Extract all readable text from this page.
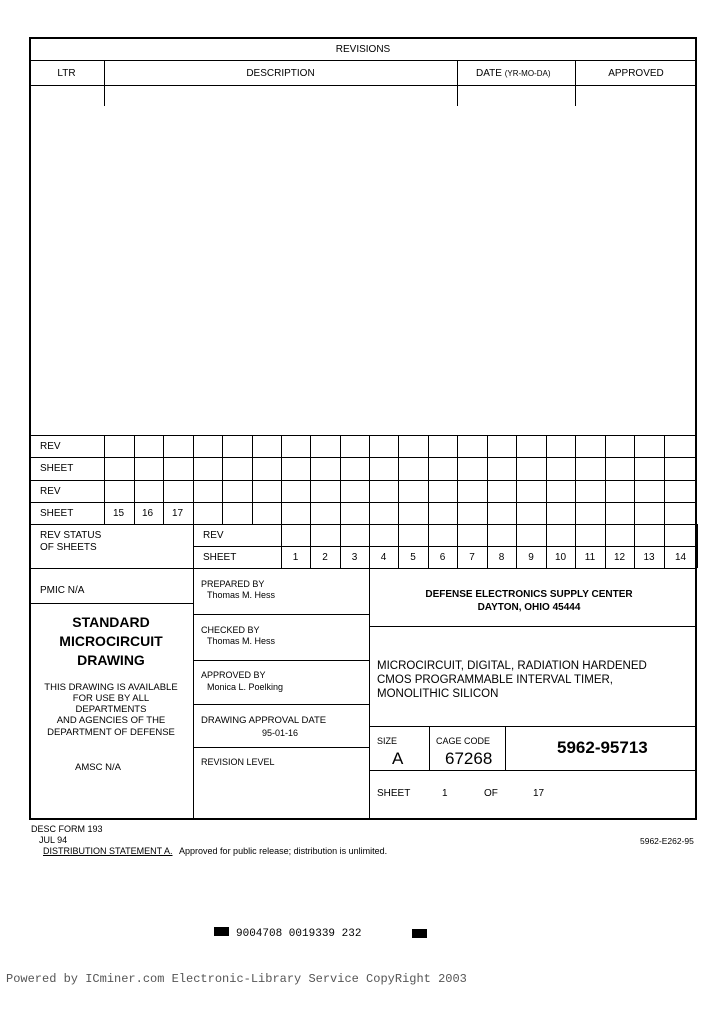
REVISIONS
LTR	DESCRIPTION	DATE (YR-MO-DA)	APPROVED
REV
SHEET
REV
SHEET	15 16 17
REV STATUS
OF SHEETS
REV
SHEET	1	2	3	4	5	6	7	8	9	10	11	12	13	14
PMIC N/A
STANDARD
MICROCIRCUIT
DRAWING
THIS DRAWING IS AVAILABLE
FOR USE BY ALL
DEPARTMENTS
AND AGENCIES OF THE
DEPARTMENT OF DEFENSE
AMSC N/A
PREPARED BY
Thomas M. Hess
CHECKED BY
Thomas M. Hess
APPROVED BY
Monica L. Poelking
DRAWING APPROVAL DATE
95-01-16
REVISION LEVEL
DEFENSE ELECTRONICS SUPPLY CENTER
DAYTON, OHIO 45444
MICROCIRCUIT, DIGITAL, RADIATION HARDENED
CMOS PROGRAMMABLE INTERVAL TIMER,
MONOLITHIC SILICON
SIZE
A
CAGE CODE
67268
5962-95713
SHEET	1	OF	17
DESC FORM 193
JUL 94
DISTRIBUTION STATEMENT A. Approved for public release; distribution is unlimited.
5962-E262-95
9004708 0019339 232
Powered by ICminer.com Electronic-Library Service CopyRight 2003
